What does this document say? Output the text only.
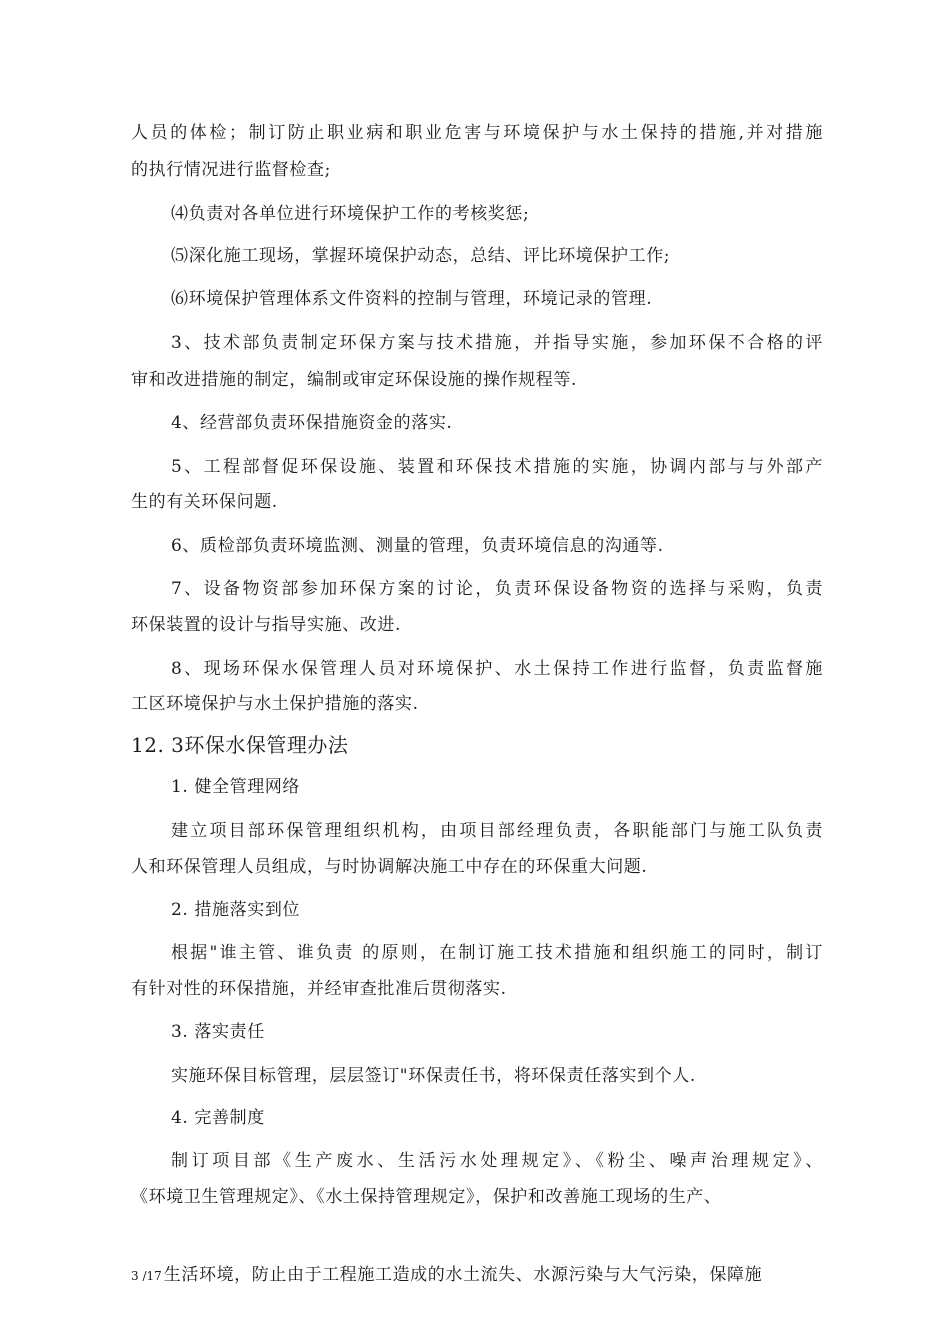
人员的体检；制订防止职业病和职业危害与环境保护与水土保持的措施,并对措施
的执行情况进行监督检查;
⑷负责对各单位进行环境保护工作的考核奖惩;
⑸深化施工现场，掌握环境保护动态，总结、评比环境保护工作;
⑹环境保护管理体系文件资料的控制与管理，环境记录的管理.
3、技术部负责制定环保方案与技术措施，并指导实施，参加环保不合格的评
审和改进措施的制定，编制或审定环保设施的操作规程等.
4、经营部负责环保措施资金的落实.
5、工程部督促环保设施、装置和环保技术措施的实施，协调内部与与外部产
生的有关环保问题.
6、质检部负责环境监测、测量的管理，负责环境信息的沟通等.
7、设备物资部参加环保方案的讨论，负责环保设备物资的选择与采购，负责
环保装置的设计与指导实施、改进.
8、现场环保水保管理人员对环境保护、水土保持工作进行监督，负责监督施
工区环境保护与水土保护措施的落实.
12. 3环保水保管理办法
1. 健全管理网络
建立项目部环保管理组织机构，由项目部经理负责，各职能部门与施工队负责
人和环保管理人员组成，与时协调解决施工中存在的环保重大问题.
2. 措施落实到位
根据"谁主管、谁负责 的原则，在制订施工技术措施和组织施工的同时，制订
有针对性的环保措施，并经审查批准后贯彻落实.
3. 落实责任
实施环保目标管理，层层签订"环保责任书，将环保责任落实到个人.
4. 完善制度
制订项目部《生产废水、生活污水处理规定》、《粉尘、噪声治理规定》、
《环境卫生管理规定》、《水土保持管理规定》，保护和改善施工现场的生产、
3 /17 生活环境，防止由于工程施工造成的水土流失、水源污染与大气污染，保障施
